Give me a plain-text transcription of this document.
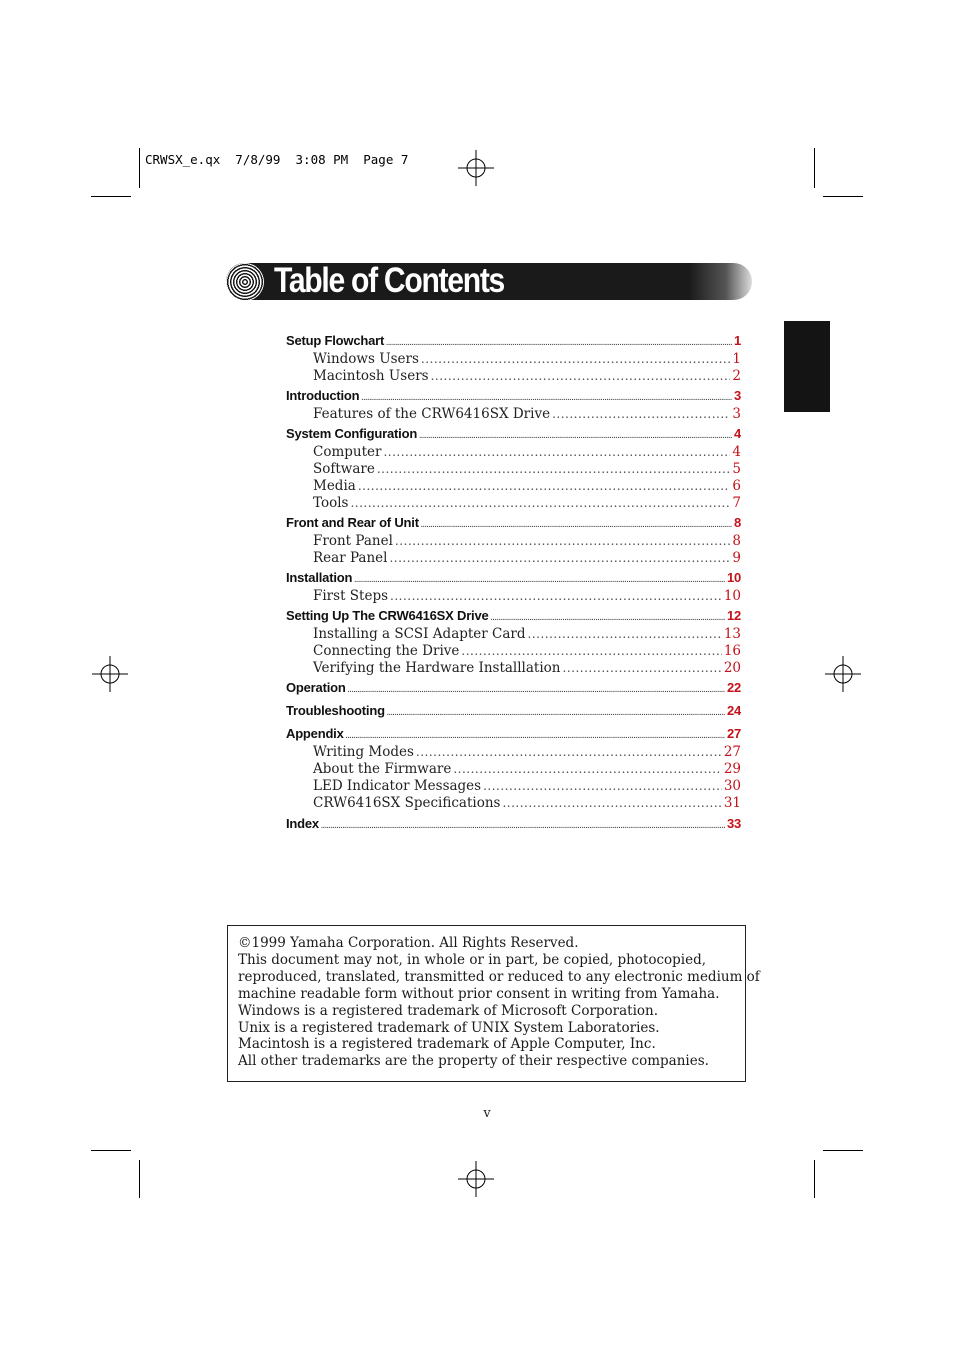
CRWSX_e.qx  7/8/99  3:08 PM  Page 7
Table of Contents
Setup Flowchart .....	1
Windows Users .....	1
Macintosh Users .....	2
Introduction .....	3
Features of the CRW6416SX Drive .....	3
System Configuration .....	4
Computer .....	4
Software .....	5
Media .....	6
Tools .....	7
Front and Rear of Unit .....	8
Front Panel .....	8
Rear Panel .....	9
Installation .....	10
First Steps .....	10
Setting Up The CRW6416SX Drive .....	12
Installing a SCSI Adapter Card .....	13
Connecting the Drive .....	16
Verifying the Hardware Installlation .....	20
Operation .....	22
Troubleshooting .....	24
Appendix .....	27
Writing Modes .....	27
About the Firmware .....	29
LED Indicator Messages .....	30
CRW6416SX Specifications .....	31
Index .....	33

©1999 Yamaha Corporation. All Rights Reserved.

This document may not, in whole or in part, be copied, photocopied,

reproduced, translated, transmitted or reduced to any electronic medium of

machine readable form without prior consent in writing from Yamaha.

Windows is a registered trademark of Microsoft Corporation.

Unix is a registered trademark of UNIX System Laboratories.

Macintosh is a registered trademark of Apple Computer, Inc.

All other trademarks are the property of their respective companies.

v
